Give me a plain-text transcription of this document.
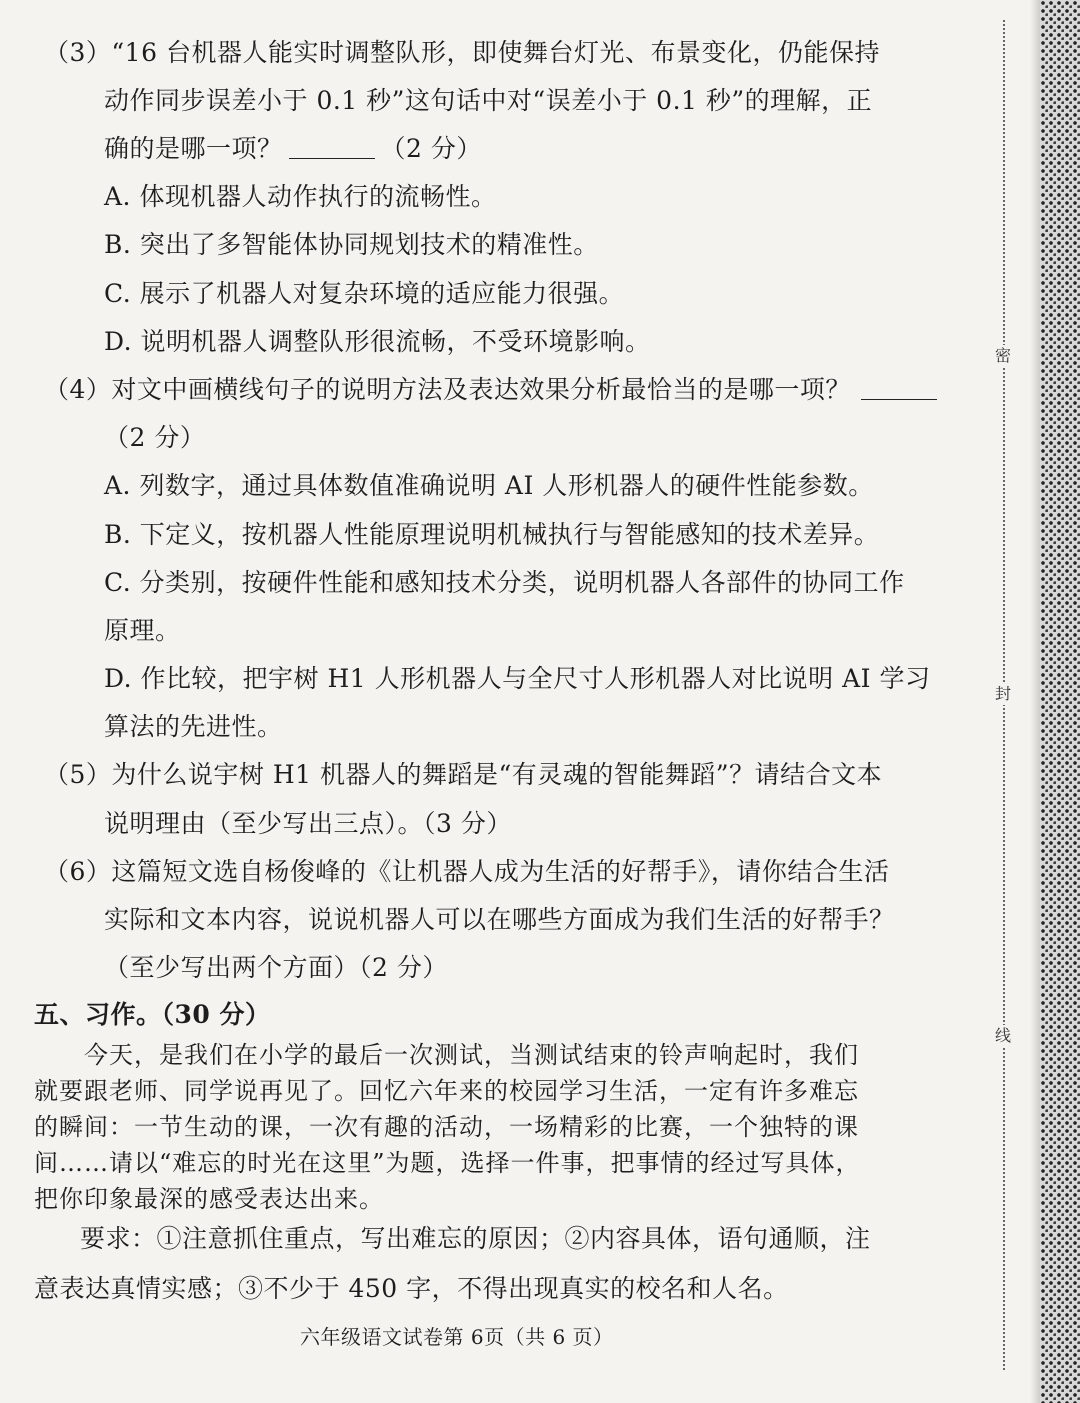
（3）“16 台机器人能实时调整队形，即使舞台灯光、布景变化，仍能保持
动作同步误差小于 0.1 秒”这句话中对“误差小于 0.1 秒”的理解，正
确的是哪一项？	（2 分）
A. 体现机器人动作执行的流畅性。
B. 突出了多智能体协同规划技术的精准性。
C. 展示了机器人对复杂环境的适应能力很强。
D. 说明机器人调整队形很流畅，不受环境影响。
（4）对文中画横线句子的说明方法及表达效果分析最恰当的是哪一项？
（2 分）
A. 列数字，通过具体数值准确说明 AI 人形机器人的硬件性能参数。
B. 下定义，按机器人性能原理说明机械执行与智能感知的技术差异。
C. 分类别，按硬件性能和感知技术分类，说明机器人各部件的协同工作
原理。
D. 作比较，把宇树 H1 人形机器人与全尺寸人形机器人对比说明 AI 学习
算法的先进性。
（5）为什么说宇树 H1 机器人的舞蹈是“有灵魂的智能舞蹈”？请结合文本
说明理由（至少写出三点）。（3 分）
（6）这篇短文选自杨俊峰的《让机器人成为生活的好帮手》，请你结合生活
实际和文本内容，说说机器人可以在哪些方面成为我们生活的好帮手？
（至少写出两个方面）（2 分）
五、习作。（30 分）
今天，是我们在小学的最后一次测试，当测试结束的铃声响起时，我们
就要跟老师、同学说再见了。回忆六年来的校园学习生活，一定有许多难忘
的瞬间：一节生动的课，一次有趣的活动，一场精彩的比赛，一个独特的课
间……请以“难忘的时光在这里”为题，选择一件事，把事情的经过写具体，
把你印象最深的感受表达出来。
要求：①注意抓住重点，写出难忘的原因；②内容具体，语句通顺，注
意表达真情实感；③不少于 450 字，不得出现真实的校名和人名。
六年级语文试卷第 6页（共 6 页）
密
封
线
